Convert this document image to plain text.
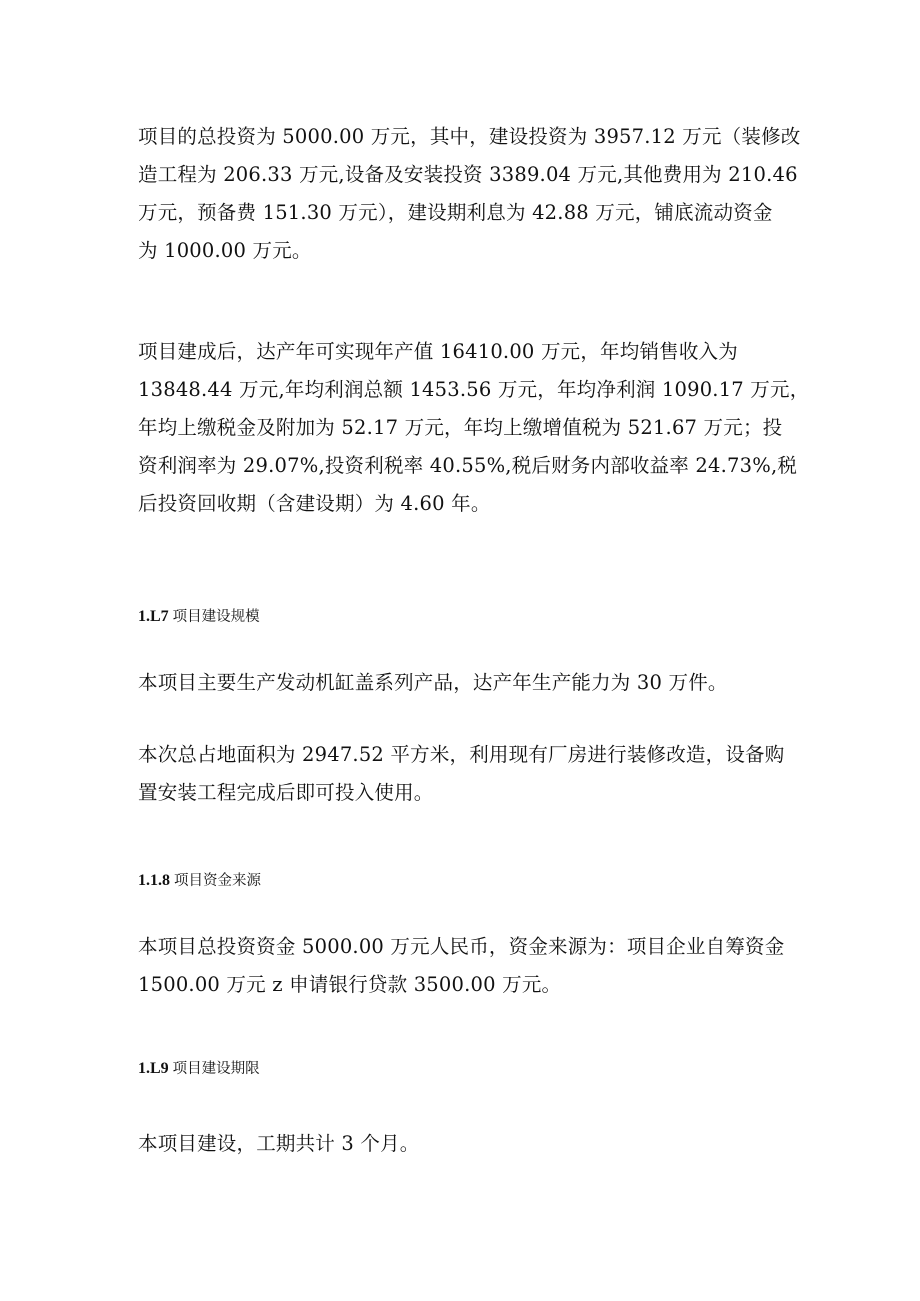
项目的总投资为 5000.00 万元，其中，建设投资为 3957.12 万元（装修改
造工程为 206.33 万元,设备及安装投资 3389.04 万元,其他费用为 210.46
万元，预备费 151.30 万元），建设期利息为 42.88 万元，铺底流动资金
为 1000.00 万元。
项目建成后，达产年可实现年产值 16410.00 万元，年均销售收入为
13848.44 万元,年均利润总额 1453.56 万元，年均净利润 1090.17 万元，
年均上缴税金及附加为 52.17 万元，年均上缴增值税为 521.67 万元；投
资利润率为 29.07%,投资利税率 40.55%,税后财务内部收益率 24.73%,税
后投资回收期（含建设期）为 4.60 年。
1.L7 项目建设规模
本项目主要生产发动机缸盖系列产品，达产年生产能力为 30 万件。
本次总占地面积为 2947.52 平方米，利用现有厂房进行装修改造，设备购
置安装工程完成后即可投入使用。
1.1.8 项目资金来源
本项目总投资资金 5000.00 万元人民币，资金来源为：项目企业自筹资金
1500.00 万元 z 申请银行贷款 3500.00 万元。
1.L9 项目建设期限
本项目建设，工期共计 3 个月。
